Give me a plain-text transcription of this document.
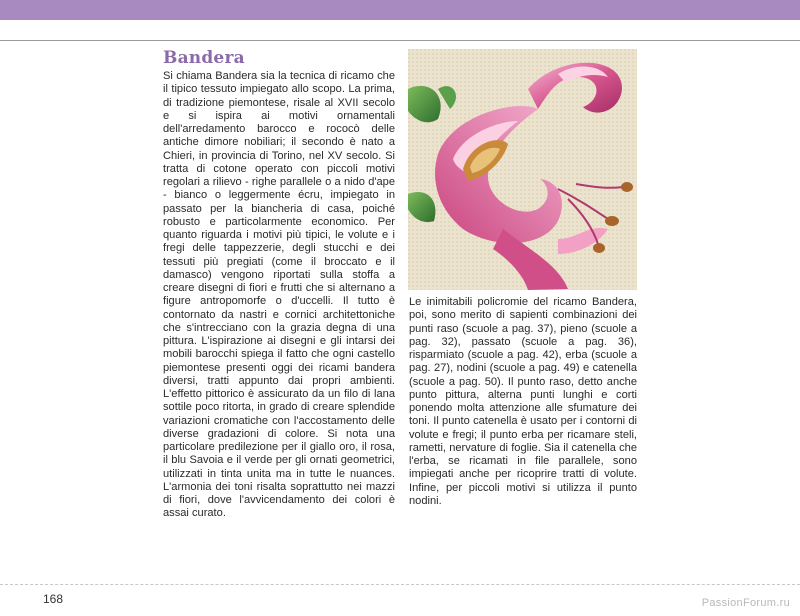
Bandera

Si chiama Bandera sia la tecnica di ricamo che il tipico tessuto impiegato allo scopo. La prima, di tradizione piemontese, risale al XVII secolo e si ispira ai motivi ornamentali dell'arredamento barocco e rococò delle antiche dimore nobiliari; il secondo è nato a Chieri, in provincia di Torino, nel XV secolo. Si tratta di cotone operato con piccoli motivi regolari a rilievo - righe parallele o a nido d'ape - bianco o leggermente écru, impiegato in passato per la biancheria di casa, poiché robusto e particolarmente economico. Per quanto riguarda i motivi più tipici, le volute e i fregi delle tappezzerie, degli stucchi e dei tessuti più pregiati (come il broccato e il damasco) vengono riportati sulla stoffa a creare disegni di fiori e frutti che si alternano a figure antropomorfe o d'uccelli. Il tutto è contornato da nastri e cornici architettoniche che s'intrecciano con la grazia degna di una pittura. L'ispirazione ai disegni e gli intarsi dei mobili barocchi spiega il fatto che ogni castello piemontese presenti oggi dei ricami bandera diversi, tratti appunto dai propri ambienti. L'effetto pittorico è assicurato da un filo di lana sottile poco ritorta, in grado di creare splendide variazioni cromatiche con l'accostamento delle diverse gradazioni di colore. Si nota una particolare predilezione per il giallo oro, il rosa, il blu Savoia e il verde per gli ornati geometrici, utilizzati in tinta unita ma in tutte le nuances. L'armonia dei toni risalta soprattutto nei mazzi di fiori, dove l'avvicendamento dei colori è assai curato.

Le inimitabili policromie del ricamo Bandera, poi, sono merito di sapienti combinazioni dei punti raso (scuole a pag. 37), pieno (scuole a pag. 32), passato (scuole a pag. 36), risparmiato (scuole a pag. 42), erba (scuole a pag. 27), nodini (scuole a pag. 49) e catenella (scuole a pag. 50). Il punto raso, detto anche punto pittura, alterna punti lunghi e corti ponendo molta attenzione alle sfumature dei toni. Il punto catenella è usato per i contorni di volute e fregi; il punto erba per ricamare steli, rametti, nervature di foglie. Sia il catenella che l'erba, se ricamati in file parallele, sono impiegati anche per ricoprire tratti di volute. Infine, per piccoli motivi si utilizza il punto nodini.

168	PassionForum.ru
